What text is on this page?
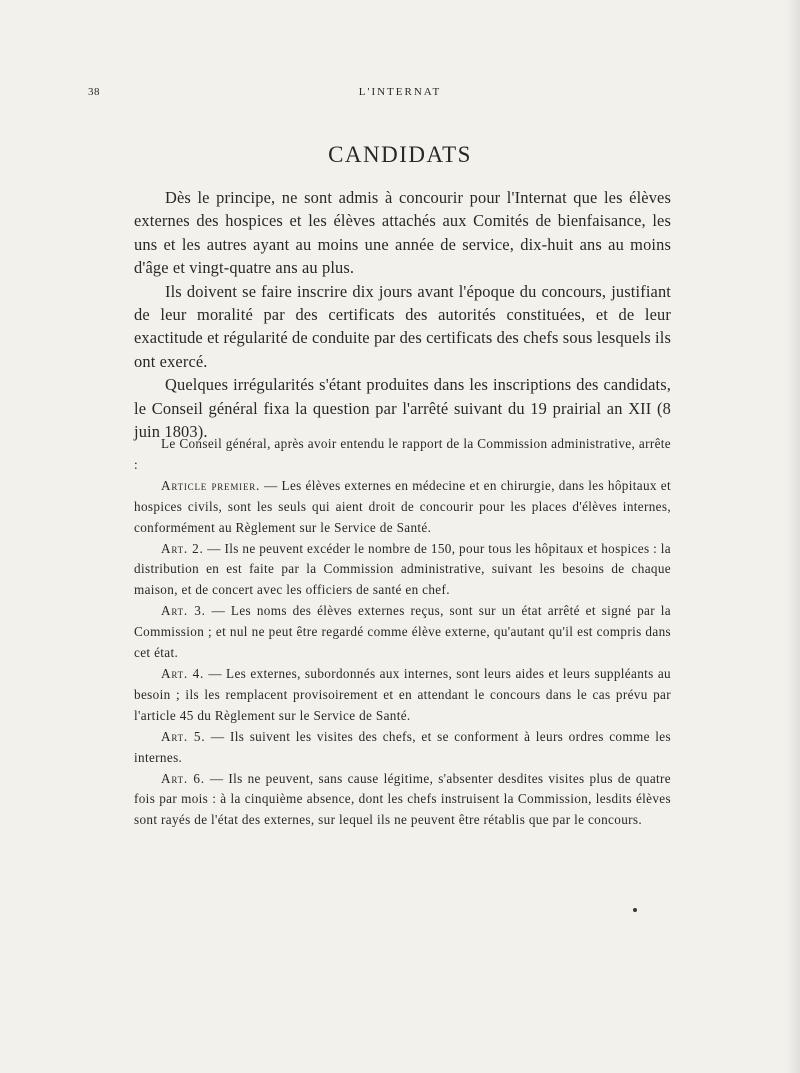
38	L'INTERNAT
CANDIDATS

Dès le principe, ne sont admis à concourir pour l'Internat que les élèves externes des hospices et les élèves attachés aux Comités de bienfaisance, les uns et les autres ayant au moins une année de service, dix-huit ans au moins d'âge et vingt-quatre ans au plus.

Ils doivent se faire inscrire dix jours avant l'époque du concours, justifiant de leur moralité par des certificats des autorités constituées, et de leur exactitude et régularité de conduite par des certificats des chefs sous lesquels ils ont exercé.

Quelques irrégularités s'étant produites dans les inscriptions des candidats, le Conseil général fixa la question par l'arrêté suivant du 19 prairial an XII (8 juin 1803).

Le Conseil général, après avoir entendu le rapport de la Commission administrative, arrête :

Article premier. — Les élèves externes en médecine et en chirurgie, dans les hôpitaux et hospices civils, sont les seuls qui aient droit de concourir pour les places d'élèves internes, conformément au Règlement sur le Service de Santé.

Art. 2. — Ils ne peuvent excéder le nombre de 150, pour tous les hôpitaux et hospices : la distribution en est faite par la Commission administrative, suivant les besoins de chaque maison, et de concert avec les officiers de santé en chef.

Art. 3. — Les noms des élèves externes reçus, sont sur un état arrêté et signé par la Commission ; et nul ne peut être regardé comme élève externe, qu'autant qu'il est compris dans cet état.

Art. 4. — Les externes, subordonnés aux internes, sont leurs aides et leurs suppléants au besoin ; ils les remplacent provisoirement et en attendant le concours dans le cas prévu par l'article 45 du Règlement sur le Service de Santé.

Art. 5. — Ils suivent les visites des chefs, et se conforment à leurs ordres comme les internes.

Art. 6. — Ils ne peuvent, sans cause légitime, s'absenter desdites visites plus de quatre fois par mois : à la cinquième absence, dont les chefs instruisent la Commission, lesdits élèves sont rayés de l'état des externes, sur lequel ils ne peuvent être rétablis que par le concours.
